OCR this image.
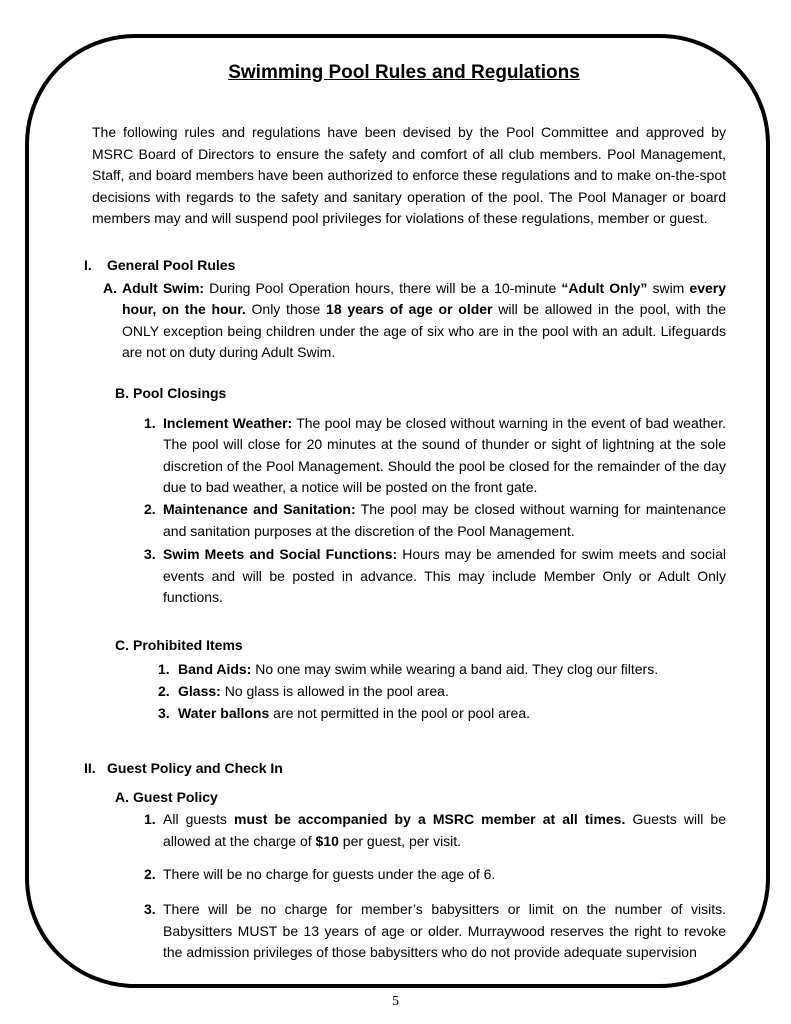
Swimming Pool Rules and Regulations

The following rules and regulations have been devised by the Pool Committee and approved by MSRC Board of Directors to ensure the safety and comfort of all club members. Pool Management, Staff, and board members have been authorized to enforce these regulations and to make on-the-spot decisions with regards to the safety and sanitary operation of the pool. The Pool Manager or board members may and will suspend pool privileges for violations of these regulations, member or guest.

I.	General Pool Rules
A. Adult Swim: During Pool Operation hours, there will be a 10-minute “Adult Only” swim every hour, on the hour. Only those 18 years of age or older will be allowed in the pool, with the ONLY exception being children under the age of six who are in the pool with an adult. Lifeguards are not on duty during Adult Swim.
B. Pool Closings
1. Inclement Weather: The pool may be closed without warning in the event of bad weather. The pool will close for 20 minutes at the sound of thunder or sight of lightning at the sole discretion of the Pool Management. Should the pool be closed for the remainder of the day due to bad weather, a notice will be posted on the front gate.
2. Maintenance and Sanitation: The pool may be closed without warning for maintenance and sanitation purposes at the discretion of the Pool Management.
3. Swim Meets and Social Functions: Hours may be amended for swim meets and social events and will be posted in advance. This may include Member Only or Adult Only functions.
C. Prohibited Items
1. Band Aids: No one may swim while wearing a band aid. They clog our filters.
2. Glass: No glass is allowed in the pool area.
3. Water ballons are not permitted in the pool or pool area.
II. Guest Policy and Check In
A. Guest Policy
1. All guests must be accompanied by a MSRC member at all times. Guests will be allowed at the charge of $10 per guest, per visit.
2. There will be no charge for guests under the age of 6.
3. There will be no charge for member’s babysitters or limit on the number of visits. Babysitters MUST be 13 years of age or older. Murraywood reserves the right to revoke the admission privileges of those babysitters who do not provide adequate supervision
5
